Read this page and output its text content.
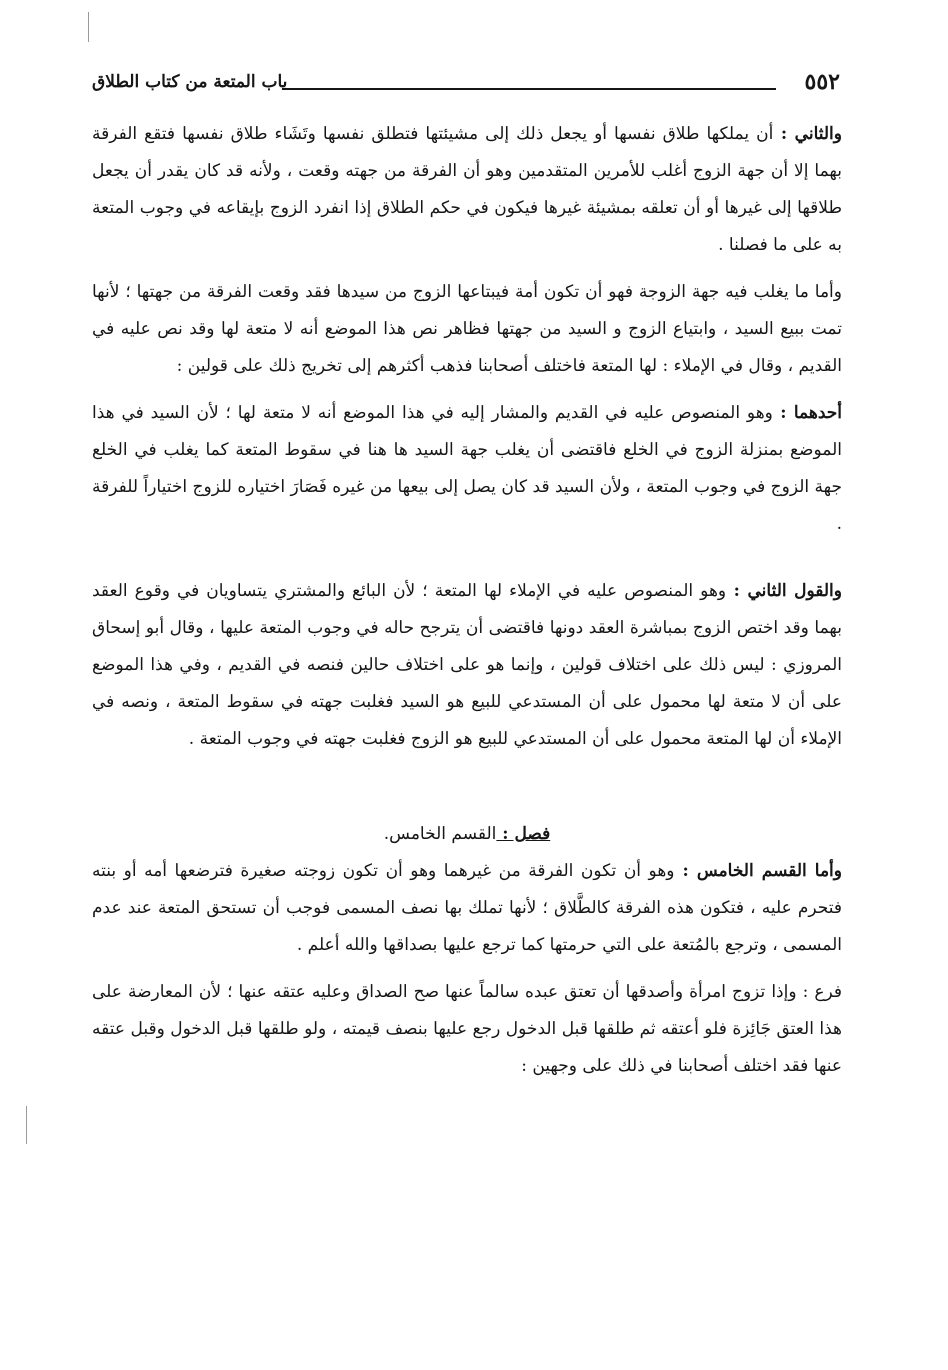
٥٥٢
باب المتعة من كتاب الطلاق

والثاني : أن يملكها طلاق نفسها أو يجعل ذلك إلى مشيئتها فتطلق نفسها وتَشَاء طلاق نفسها فتقع الفرقة بهما إلا أن جهة الزوج أغلب للأمرين المتقدمين وهو أن الفرقة من جهته وقعت ، ولأنه قد كان يقدر أن يجعل طلاقها إلى غيرها أو أن تعلقه بمشيئة غيرها فيكون في حكم الطلاق إذا انفرد الزوج بإيقاعه في وجوب المتعة به على ما فصلنا .

وأما ما يغلب فيه جهة الزوجة فهو أن تكون أمة فيبتاعها الزوج من سيدها فقد وقعت الفرقة من جهتها ؛ لأنها تمت ببيع السيد ، وابتياع الزوج و السيد من جهتها فظاهر نص هذا الموضع أنه لا متعة لها وقد نص عليه في القديم ، وقال في الإملاء : لها المتعة فاختلف أصحابنا فذهب أكثرهم إلى تخريج ذلك على قولين :

أحدهما : وهو المنصوص عليه في القديم والمشار إليه في هذا الموضع أنه لا متعة لها ؛ لأن السيد في هذا الموضع بمنزلة الزوج في الخلع فاقتضى أن يغلب جهة السيد ها هنا في سقوط المتعة كما يغلب في الخلع جهة الزوج في وجوب المتعة ، ولأن السيد قد كان يصل إلى بيعها من غيره فَصَارَ اختياره للزوج اختياراً للفرقة .

والقول الثاني : وهو المنصوص عليه في الإملاء لها المتعة ؛ لأن البائع والمشتري يتساويان في وقوع العقد بهما وقد اختص الزوج بمباشرة العقد دونها فاقتضى أن يترجح حاله في وجوب المتعة عليها ، وقال أبو إسحاق المروزي : ليس ذلك على اختلاف قولين ، وإنما هو على اختلاف حالين فنصه في القديم ، وفي هذا الموضع على أن لا متعة لها محمول على أن المستدعي للبيع هو السيد فغلبت جهته في سقوط المتعة ، ونصه في الإملاء أن لها المتعة محمول على أن المستدعي للبيع هو الزوج فغلبت جهته في وجوب المتعة .

فصل : القسم الخامس.

وأما القسم الخامس : وهو أن تكون الفرقة من غيرهما وهو أن تكون زوجته صغيرة فترضعها أمه أو بنته فتحرم عليه ، فتكون هذه الفرقة كالطَّلاق ؛ لأنها تملك بها نصف المسمى فوجب أن تستحق المتعة عند عدم المسمى ، وترجع بالمُتعة على التي حرمتها كما ترجع عليها بصداقها والله أعلم .

فرع : وإذا تزوج امرأة وأصدقها أن تعتق عبده سالماً عنها صح الصداق وعليه عتقه عنها ؛ لأن المعارضة على هذا العتق جَائِزة فلو أعتقه ثم طلقها قبل الدخول رجع عليها بنصف قيمته ، ولو طلقها قبل الدخول وقبل عتقه عنها فقد اختلف أصحابنا في ذلك على وجهين :
